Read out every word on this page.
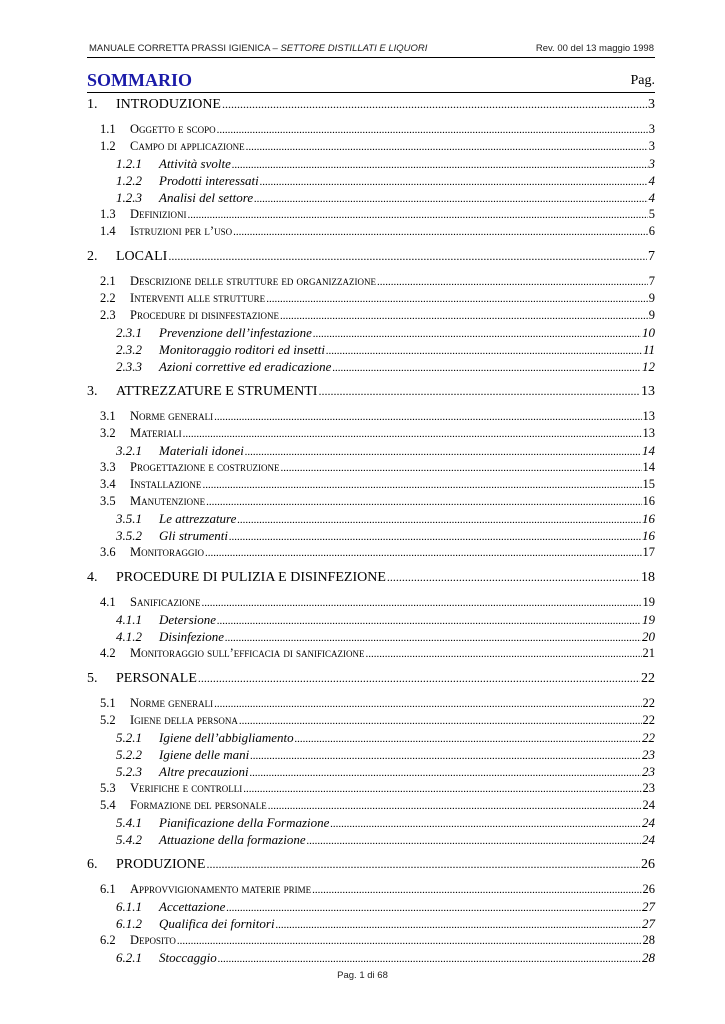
MANUALE CORRETTA PRASSI IGIENICA – SETTORE DISTILLATI E LIQUORI	Rev. 00 del 13 maggio 1998
SOMMARIO	Pag.
1.	INTRODUZIONE .....	3
1.1	Oggetto e scopo .....	3
1.2	Campo di applicazione .....	3
1.2.1	Attività svolte .....	3
1.2.2	Prodotti interessati .....	4
1.2.3	Analisi del settore .....	4
1.3	Definizioni .....	5
1.4	Istruzioni per l’uso .....	6
2.	LOCALI .....	7
2.1	Descrizione delle strutture ed organizzazione .....	7
2.2	Interventi alle strutture .....	9
2.3	Procedure di disinfestazione .....	9
2.3.1	Prevenzione dell’infestazione .....	10
2.3.2	Monitoraggio roditori ed insetti .....	11
2.3.3	Azioni correttive ed eradicazione .....	12
3.	ATTREZZATURE E STRUMENTI .....	13
3.1	Norme generali .....	13
3.2	Materiali .....	13
3.2.1	Materiali idonei .....	14
3.3	Progettazione e costruzione .....	14
3.4	Installazione .....	15
3.5	Manutenzione .....	16
3.5.1	Le attrezzature .....	16
3.5.2	Gli strumenti .....	16
3.6	Monitoraggio .....	17
4.	PROCEDURE DI PULIZIA E DISINFEZIONE .....	18
4.1	Sanificazione .....	19
4.1.1	Detersione .....	19
4.1.2	Disinfezione .....	20
4.2	Monitoraggio sull’efficacia di sanificazione .....	21
5.	PERSONALE .....	22
5.1	Norme generali .....	22
5.2	Igiene della persona .....	22
5.2.1	Igiene dell’abbigliamento .....	22
5.2.2	Igiene delle mani .....	23
5.2.3	Altre precauzioni .....	23
5.3	Verifiche e controlli .....	23
5.4	Formazione del personale .....	24
5.4.1	Pianificazione della Formazione .....	24
5.4.2	Attuazione della formazione .....	24
6.	PRODUZIONE .....	26
6.1	Approvvigionamento materie prime .....	26
6.1.1	Accettazione .....	27
6.1.2	Qualifica dei fornitori .....	27
6.2	Deposito .....	28
6.2.1	Stoccaggio .....	28
Pag. 1 di 68
